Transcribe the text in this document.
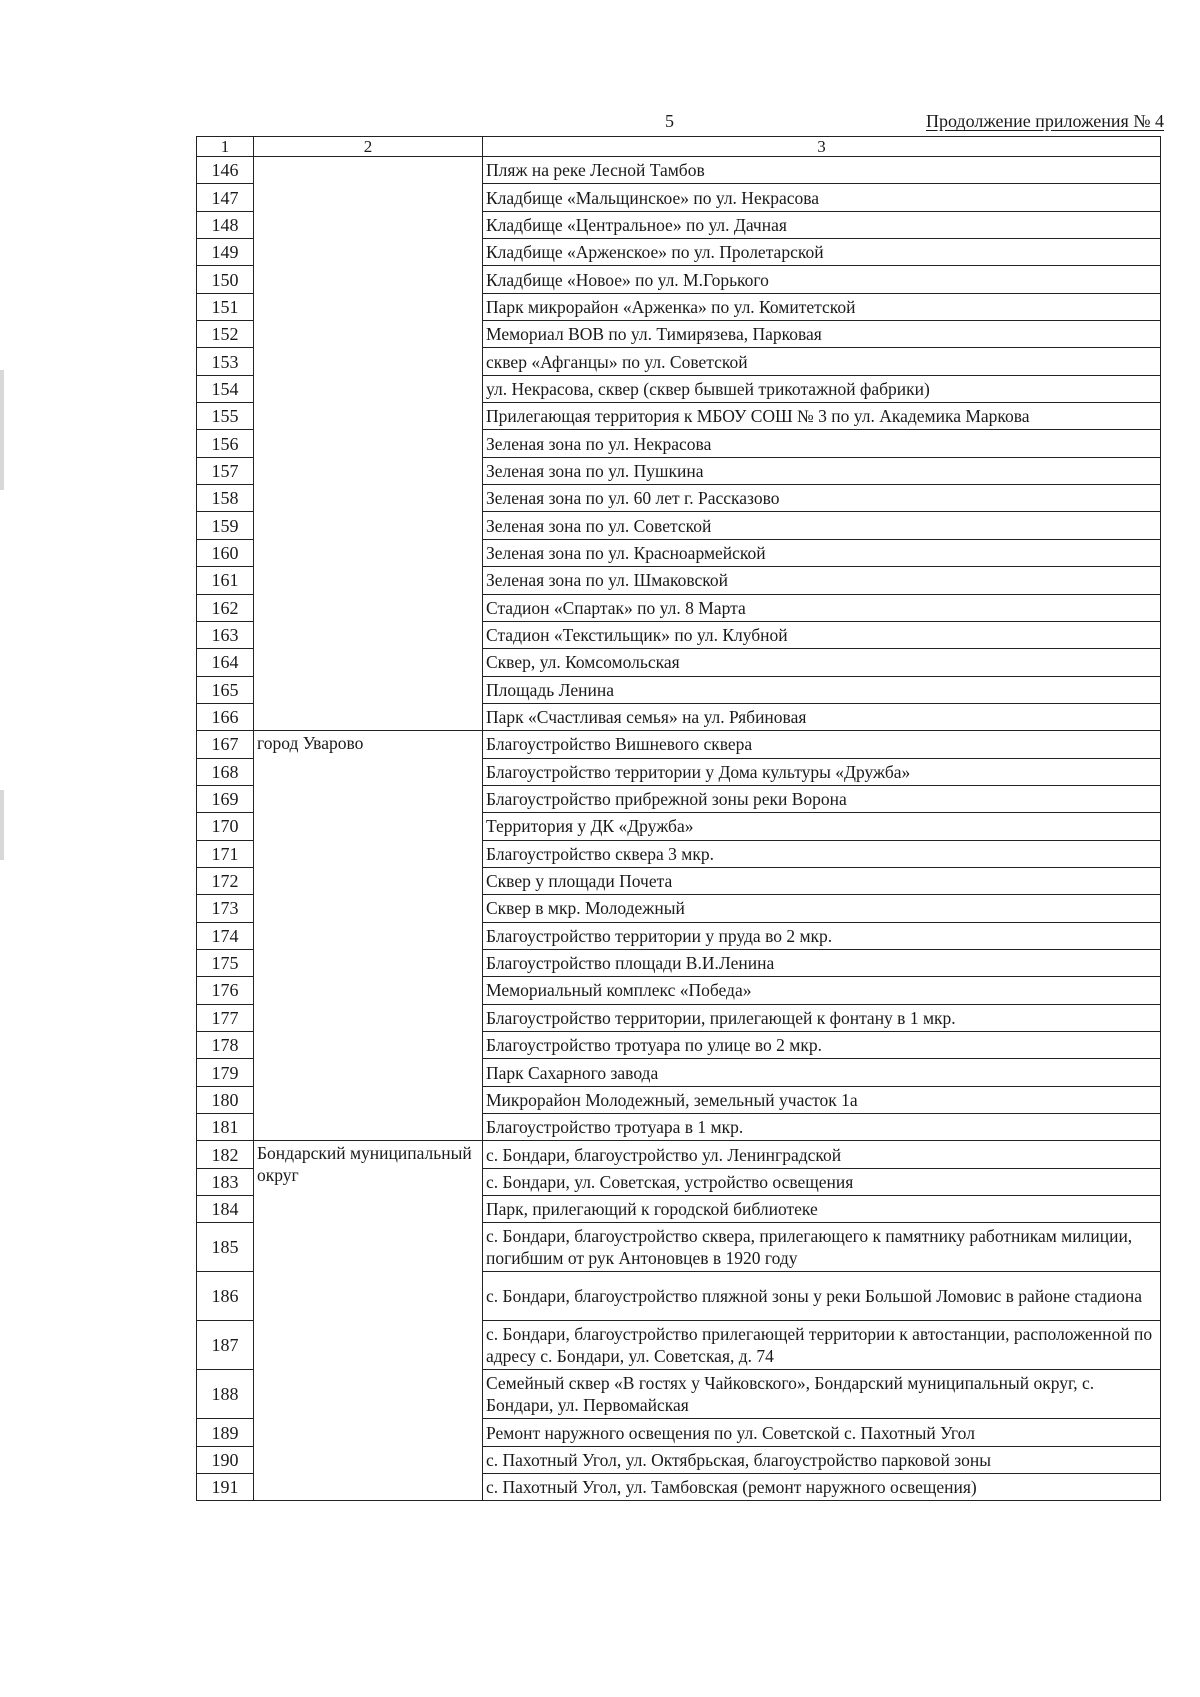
5	Продолжение приложения № 4
1	2	3
146		Пляж на реке Лесной Тамбов
147		Кладбище «Мальщинское» по ул. Некрасова
148		Кладбище «Центральное» по ул. Дачная
149		Кладбище «Арженское» по ул. Пролетарской
150		Кладбище «Новое» по ул. М.Горького
151		Парк микрорайон «Арженка» по ул. Комитетской
152		Мемориал ВОВ по ул. Тимирязева, Парковая
153		сквер «Афганцы» по ул. Советской
154		ул. Некрасова, сквер (сквер бывшей трикотажной фабрики)
155		Прилегающая территория к МБОУ СОШ № 3 по ул. Академика Маркова
156		Зеленая зона по ул. Некрасова
157		Зеленая зона по ул. Пушкина
158		Зеленая зона по ул. 60 лет г. Рассказово
159		Зеленая зона по ул. Советской
160		Зеленая зона по ул. Красноармейской
161		Зеленая зона по ул. Шмаковской
162		Стадион «Спартак» по ул. 8 Марта
163		Стадион «Текстильщик» по ул. Клубной
164		Сквер, ул. Комсомольская
165		Площадь Ленина
166		Парк «Счастливая семья» на ул. Рябиновая
167	город Уварово	Благоустройство Вишневого сквера
168		Благоустройство территории у Дома культуры «Дружба»
169		Благоустройство прибрежной зоны реки Ворона
170		Территория у ДК «Дружба»
171		Благоустройство сквера 3 мкр.
172		Сквер у площади Почета
173		Сквер в мкр. Молодежный
174		Благоустройство территории у пруда во 2 мкр.
175		Благоустройство площади В.И.Ленина
176		Мемориальный комплекс «Победа»
177		Благоустройство территории, прилегающей к фонтану в 1 мкр.
178		Благоустройство тротуара по улице во 2 мкр.
179		Парк Сахарного завода
180		Микрорайон Молодежный, земельный участок 1а
181		Благоустройство тротуара в 1 мкр.
182	Бондарский муниципальный округ	с. Бондари, благоустройство ул. Ленинградской
183		с. Бондари, ул. Советская, устройство освещения
184		Парк, прилегающий к городской библиотеке
185		с. Бондари, благоустройство сквера, прилегающего к памятнику работникам милиции, погибшим от рук Антоновцев в 1920 году
186		с. Бондари, благоустройство пляжной зоны у реки Большой Ломовис в районе стадиона
187		с. Бондари, благоустройство прилегающей территории к автостанции, расположенной по адресу с. Бондари, ул. Советская, д. 74
188		Семейный сквер «В гостях у Чайковского», Бондарский муниципальный округ, с. Бондари, ул. Первомайская
189		Ремонт наружного освещения по ул. Советской с. Пахотный Угол
190		с. Пахотный Угол, ул. Октябрьская, благоустройство парковой зоны
191		с. Пахотный Угол, ул. Тамбовская (ремонт наружного освещения)
